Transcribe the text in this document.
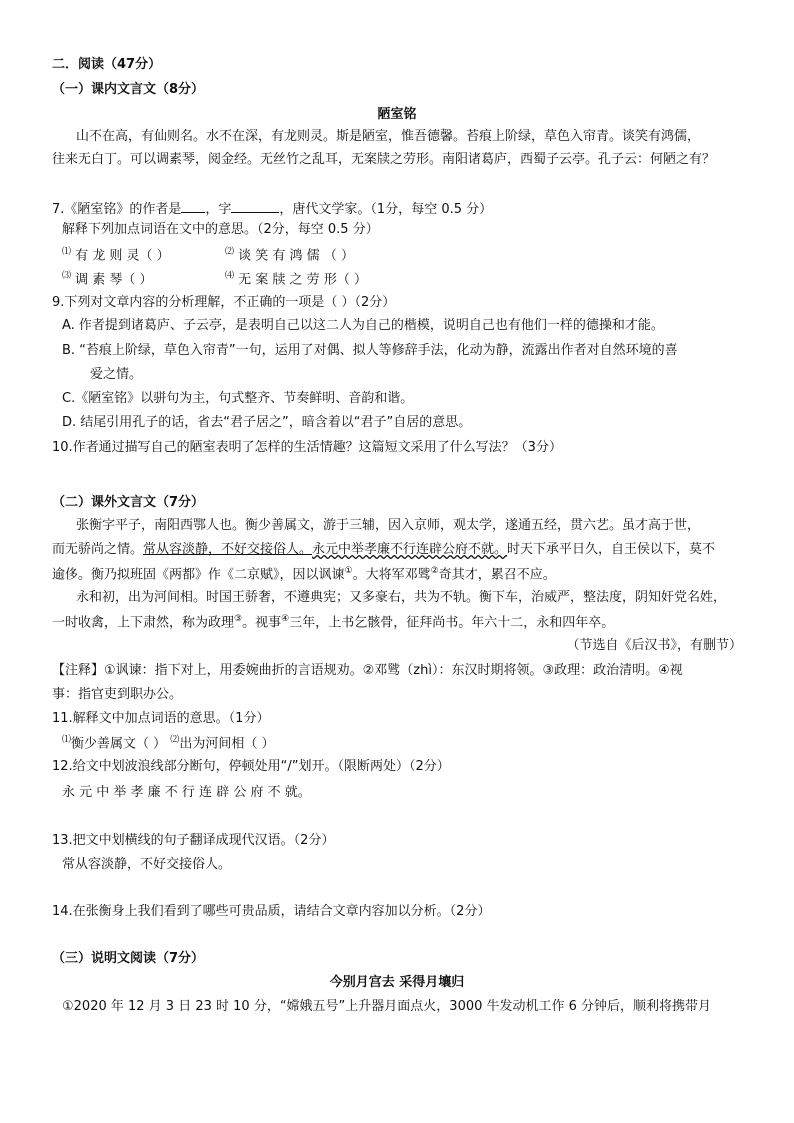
二．阅读（47分）
（一）课内文言文（8分）
陋室铭
山不在高，有仙则名。水不在深，有龙则灵。斯是陋室，惟吾德馨。苔痕上阶绿，草色入帘青。谈笑有鸿儒，
往来无白丁。可以调素琴，阅金经。无丝竹之乱耳，无案牍之劳形。南阳诸葛庐，西蜀子云亭。孔子云：何陋之有？
7.《陋室铭》的作者是 ，字	，唐代文学家。（1分，每空 0.5 分）
解释下列加点词语在文中的意思。（2分，每空 0.5 分）
⑴ 有 龙 则 灵（ ）	⑵ 谈 笑 有 鸿 儒 （ ）
⑶ 调 素 琴（ ）	⑷ 无 案 牍 之 劳 形（ ）
9.下列对文章内容的分析理解，不正确的一项是（ ）（2分）
A. 作者提到诸葛庐、子云亭，是表明自己以这二人为自己的楷模，说明自己也有他们一样的德操和才能。
B. “苔痕上阶绿，草色入帘青”一句，运用了对偶、拟人等修辞手法，化动为静，流露出作者对自然环境的喜
爱之情。
C.《陋室铭》以骈句为主，句式整齐、节奏鲜明、音韵和谐。
D. 结尾引用孔子的话，省去“君子居之”，暗含着以“君子”自居的意思。
10.作者通过描写自己的陋室表明了怎样的生活情趣？这篇短文采用了什么写法？（3分）
（二）课外文言文（7分）
张衡字平子，南阳西鄂人也。衡少善属文，游于三辅，因入京师，观太学，遂通五经，贯六艺。虽才高于世，
而无骄尚之情。常从容淡静，不好交接俗人。永元中举孝廉不行连辟公府不就。时天下承平日久，自王侯以下，莫不
逾侈。衡乃拟班固《两都》作《二京赋》，因以讽谏①。大将军邓骘②奇其才，累召不应。
永和初，出为河间相。时国王骄奢，不遵典宪；又多豪右，共为不轨。衡下车，治威严，整法度，阴知奸党名姓，
一时收禽，上下肃然，称为政理③。视事④三年，上书乞骸骨，征拜尚书。年六十二，永和四年卒。
（节选自《后汉书》，有删节）
【注释】①讽谏：指下对上，用委婉曲折的言语规劝。②邓骘（zhì）：东汉时期将领。③政理：政治清明。④视
事：指官吏到职办公。
11.解释文中加点词语的意思。（1分）
⑴衡少善属文（ ） ⑵出为河间相（ ）
12.给文中划波浪线部分断句，停顿处用“/”划开。（限断两处）（2分）
永 元 中 举 孝 廉 不 行 连 辟 公 府 不 就。
13.把文中划横线的句子翻译成现代汉语。（2分）
常从容淡静，不好交接俗人。
14.在张衡身上我们看到了哪些可贵品质，请结合文章内容加以分析。（2分）
（三）说明文阅读（7分）
今别月宫去 采得月壤归
①2020 年 12 月 3 日 23 时 10 分，“嫦娥五号”上升器月面点火，3000 牛发动机工作 6 分钟后，顺利将携带月
